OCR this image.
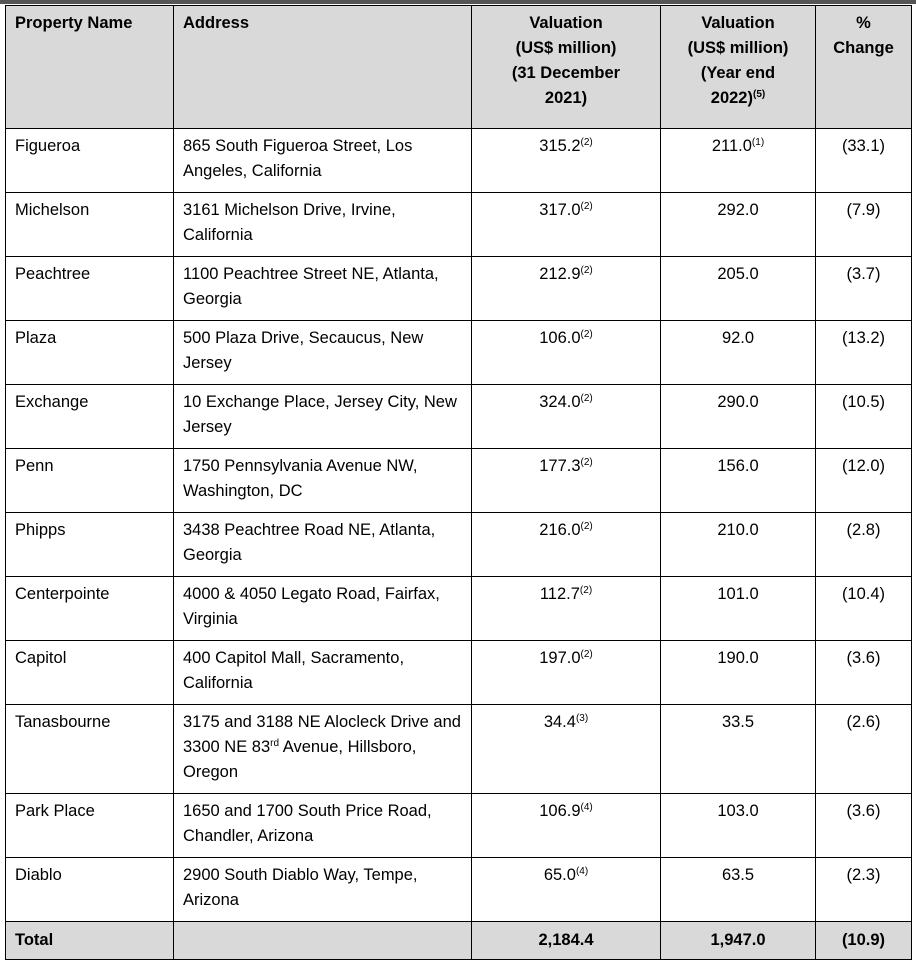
Property Name	Address	Valuation
(US$ million)
(31 December
2021)	Valuation
(US$ million)
(Year end
2022)$^{(5)}$	%
Change
Figueroa	865 South Figueroa Street, Los Angeles, California	315.2$^{(2)}$	211.0$^{(1)}$	(33.1)
Michelson	3161 Michelson Drive, Irvine, California	317.0$^{(2)}$	292.0	(7.9)
Peachtree	1100 Peachtree Street NE, Atlanta, Georgia	212.9$^{(2)}$	205.0	(3.7)
Plaza	500 Plaza Drive, Secaucus, New Jersey	106.0$^{(2)}$	92.0	(13.2)
Exchange	10 Exchange Place, Jersey City, New Jersey	324.0$^{(2)}$	290.0	(10.5)
Penn	1750 Pennsylvania Avenue NW, Washington, DC	177.3$^{(2)}$	156.0	(12.0)
Phipps	3438 Peachtree Road NE, Atlanta, Georgia	216.0$^{(2)}$	210.0	(2.8)
Centerpointe	4000 & 4050 Legato Road, Fairfax, Virginia	112.7$^{(2)}$	101.0	(10.4)
Capitol	400 Capitol Mall, Sacramento, California	197.0$^{(2)}$	190.0	(3.6)
Tanasbourne	3175 and 3188 NE Alocleck Drive and 3300 NE 83rd Avenue, Hillsboro, Oregon	34.4$^{(3)}$	33.5	(2.6)
Park Place	1650 and 1700 South Price Road, Chandler, Arizona	106.9$^{(4)}$	103.0	(3.6)
Diablo	2900 South Diablo Way, Tempe, Arizona	65.0$^{(4)}$	63.5	(2.3)
Total		2,184.4	1,947.0	(10.9)
